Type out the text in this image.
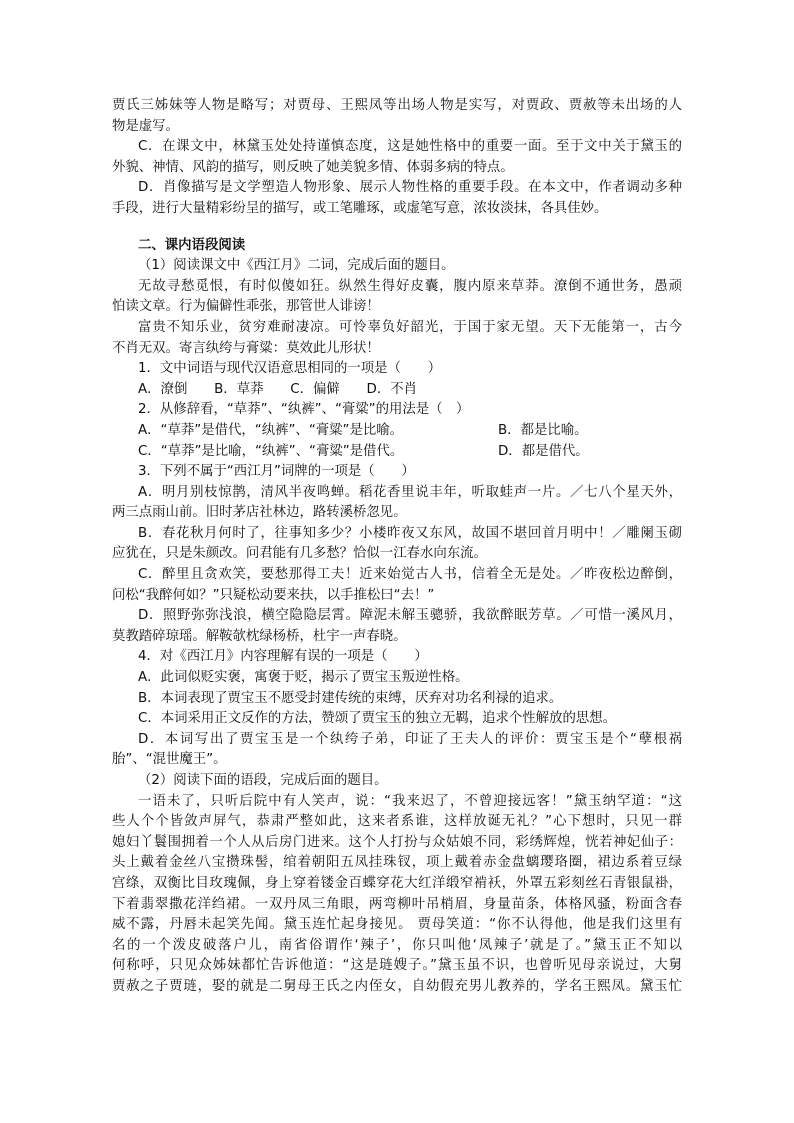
贾氏三姊妹等人物是略写；对贾母、王熙凤等出场人物是实写，对贾政、贾赦等未出场的人
物是虚写。
C．在课文中，林黛玉处处持谨慎态度，这是她性格中的重要一面。至于文中关于黛玉的
外貌、神情、风韵的描写，则反映了她美貌多情、体弱多病的特点。
D．肖像描写是文学塑造人物形象、展示人物性格的重要手段。在本文中，作者调动多种
手段，进行大量精彩纷呈的描写，或工笔雕琢，或虚笔写意，浓妆淡抹，各具佳妙。
二、课内语段阅读
（1）阅读课文中《西江月》二词，完成后面的题目。
无故寻愁觅恨，有时似傻如狂。纵然生得好皮囊，腹内原来草莽。潦倒不通世务，愚顽
怕读文章。行为偏僻性乖张，那管世人诽谤！
富贵不知乐业，贫穷难耐凄凉。可怜辜负好韶光，于国于家无望。天下无能第一，古今
不肖无双。寄言纨绔与膏粱：莫效此儿形状！
1．文中词语与现代汉语意思相同的一项是（　　）
A．潦倒　　B．草莽　　C．偏僻　　D．不肖
2．从修辞看，“草莽”、“纨裤”、“膏粱”的用法是（　）
A．“草莽”是借代，“纨裤”、“膏粱”是比喻。	B．都是比喻。
C．“草莽”是比喻，“纨裤”、“膏粱”是借代。	D．都是借代。
3．下列不属于“西江月”词牌的一项是（　　）
A．明月别枝惊鹊，清风半夜鸣蝉。稻花香里说丰年，听取蛙声一片。／七八个星天外，
两三点雨山前。旧时茅店社林边，路转溪桥忽见。
B．春花秋月何时了，往事知多少？小楼昨夜又东风，故国不堪回首月明中！／雕阑玉砌
应犹在，只是朱颜改。问君能有几多愁？恰似一江春水向东流。
C．醉里且贪欢笑，要愁那得工夫！近来始觉古人书，信着全无是处。／昨夜松边醉倒，
问松“我醉何如？”只疑松动要来扶，以手推松曰“去！”
D．照野弥弥浅浪，横空隐隐层霄。障泥未解玉骢骄，我欲醉眠芳草。／可惜一溪风月，
莫教踏碎琼瑶。解鞍欹枕绿杨桥，杜宇一声春晓。
4．对《西江月》内容理解有误的一项是（　　）
A．此词似贬实褒，寓褒于贬，揭示了贾宝玉叛逆性格。
B．本词表现了贾宝玉不愿受封建传统的束缚，厌弃对功名利禄的追求。
C．本词采用正文反作的方法，赞颂了贾宝玉的独立无羁，追求个性解放的思想。
D．本词写出了贾宝玉是一个纨绔子弟，印证了王夫人的评价：贾宝玉是个“孽根祸
胎”、“混世魔王”。
（2）阅读下面的语段，完成后面的题目。
一语未了，只听后院中有人笑声，说：“我来迟了，不曾迎接远客！”黛玉纳罕道：“这
些人个个皆敛声屏气，恭肃严整如此，这来者系谁，这样放诞无礼？”心下想时，只见一群
媳妇丫鬟围拥着一个人从后房门进来。这个人打扮与众姑娘不同，彩绣辉煌，恍若神妃仙子：
头上戴着金丝八宝攒珠髻，绾着朝阳五凤挂珠钗，项上戴着赤金盘螭璎珞圈，裙边系着豆绿
宫绦，双衡比目玫瑰佩，身上穿着镂金百蝶穿花大红洋缎窄褃袄，外罩五彩刻丝石青银鼠褂，
下着翡翠撒花洋绉裙。一双丹凤三角眼，两弯柳叶吊梢眉，身量苗条，体格风骚，粉面含春
威不露，丹唇未起笑先闻。黛玉连忙起身接见。 贾母笑道：“你不认得他，他是我们这里有
名的一个泼皮破落户儿，南省俗谓作‘辣子’，你只叫他‘凤辣子’就是了。”黛玉正不知以
何称呼，只见众姊妹都忙告诉他道：“这是琏嫂子。”黛玉虽不识，也曾听见母亲说过，大舅
贾赦之子贾琏，娶的就是二舅母王氏之内侄女，自幼假充男儿教养的，学名王熙凤。黛玉忙
